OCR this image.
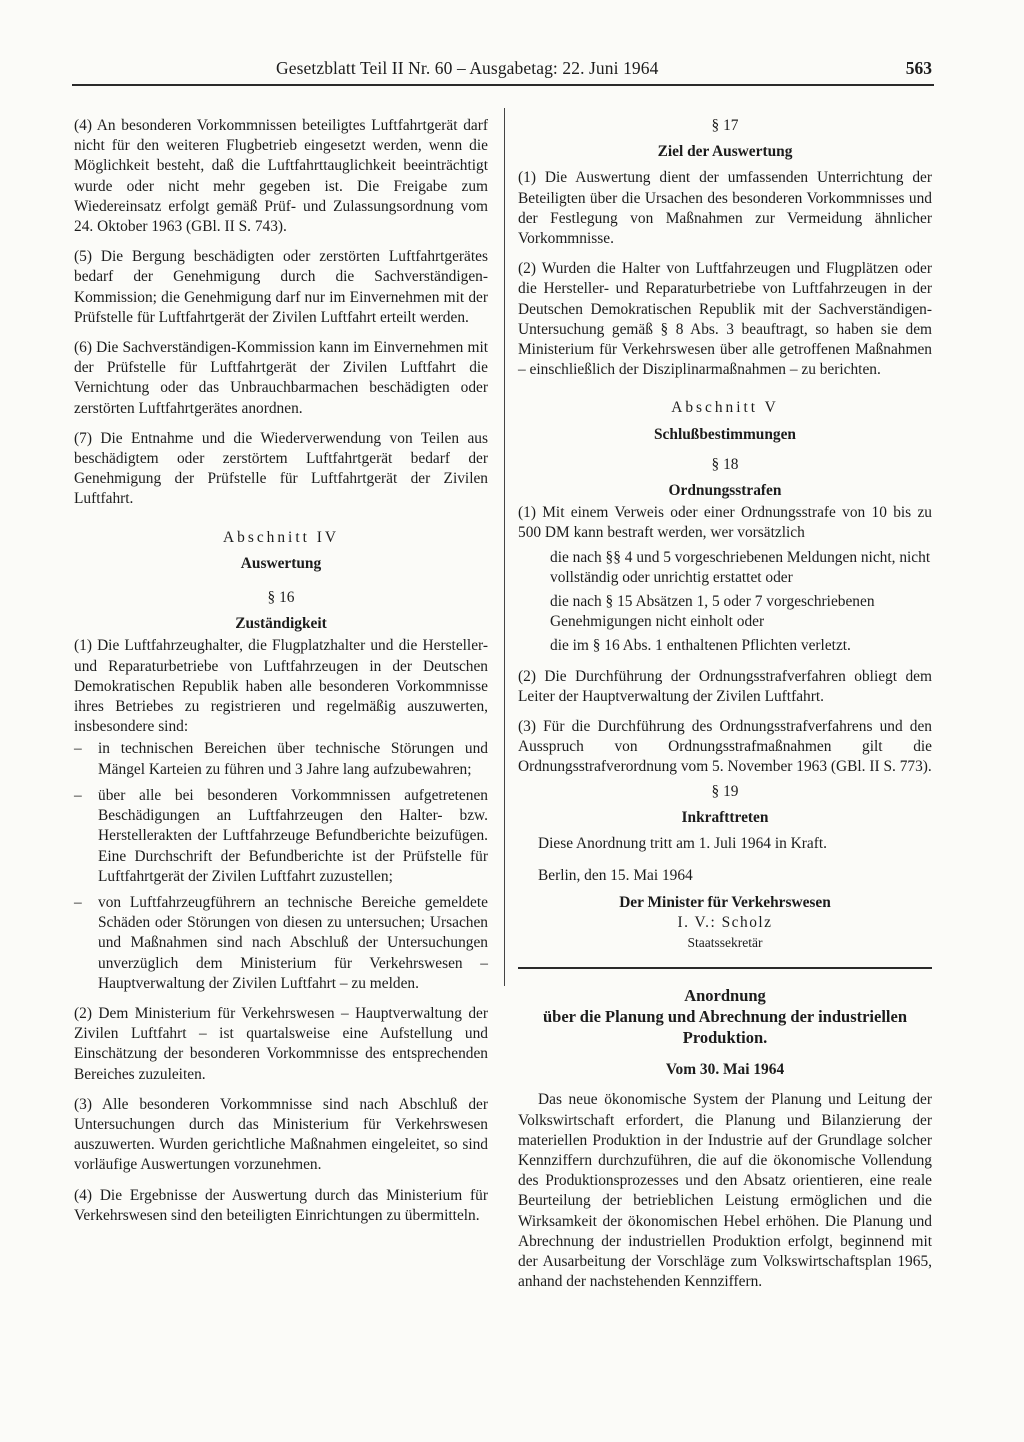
Gesetzblatt Teil II Nr. 60 – Ausgabetag: 22. Juni 1964	563

(4) An besonderen Vorkommnissen beteiligtes Luftfahrtgerät darf nicht für den weiteren Flugbetrieb eingesetzt werden, wenn die Möglichkeit besteht, daß die Luftfahrttauglichkeit beeinträchtigt wurde oder nicht mehr gegeben ist. Die Freigabe zum Wiedereinsatz erfolgt gemäß Prüf- und Zulassungsordnung vom 24. Oktober 1963 (GBl. II S. 743).

(5) Die Bergung beschädigten oder zerstörten Luftfahrtgerätes bedarf der Genehmigung durch die Sachverständigen-Kommission; die Genehmigung darf nur im Einvernehmen mit der Prüfstelle für Luftfahrtgerät der Zivilen Luftfahrt erteilt werden.

(6) Die Sachverständigen-Kommission kann im Einvernehmen mit der Prüfstelle für Luftfahrtgerät der Zivilen Luftfahrt die Vernichtung oder das Unbrauchbarmachen beschädigten oder zerstörten Luftfahrtgerätes anordnen.

(7) Die Entnahme und die Wiederverwendung von Teilen aus beschädigtem oder zerstörtem Luftfahrtgerät bedarf der Genehmigung der Prüfstelle für Luftfahrtgerät der Zivilen Luftfahrt.

Abschnitt IV
Auswertung
§ 16
Zuständigkeit

(1) Die Luftfahrzeughalter, die Flugplatzhalter und die Hersteller- und Reparaturbetriebe von Luftfahrzeugen in der Deutschen Demokratischen Republik haben alle besonderen Vorkommnisse ihres Betriebes zu registrieren und regelmäßig auszuwerten, insbesondere sind:

–	in technischen Bereichen über technische Störungen und Mängel Karteien zu führen und 3 Jahre lang aufzubewahren;
–	über alle bei besonderen Vorkommnissen aufgetretenen Beschädigungen an Luftfahrzeugen den Halter- bzw. Herstellerakten der Luftfahrzeuge Befundberichte beizufügen. Eine Durchschrift der Befundberichte ist der Prüfstelle für Luftfahrtgerät der Zivilen Luftfahrt zuzustellen;
–	von Luftfahrzeugführern an technische Bereiche gemeldete Schäden oder Störungen von diesen zu untersuchen; Ursachen und Maßnahmen sind nach Abschluß der Untersuchungen unverzüglich dem Ministerium für Verkehrswesen – Hauptverwaltung der Zivilen Luftfahrt – zu melden.

(2) Dem Ministerium für Verkehrswesen – Hauptverwaltung der Zivilen Luftfahrt – ist quartalsweise eine Aufstellung und Einschätzung der besonderen Vorkommnisse des entsprechenden Bereiches zuzuleiten.

(3) Alle besonderen Vorkommnisse sind nach Abschluß der Untersuchungen durch das Ministerium für Verkehrswesen auszuwerten. Wurden gerichtliche Maßnahmen eingeleitet, so sind vorläufige Auswertungen vorzunehmen.

(4) Die Ergebnisse der Auswertung durch das Ministerium für Verkehrswesen sind den beteiligten Einrichtungen zu übermitteln.

§ 17
Ziel der Auswertung

(1) Die Auswertung dient der umfassenden Unterrichtung der Beteiligten über die Ursachen des besonderen Vorkommnisses und der Festlegung von Maßnahmen zur Vermeidung ähnlicher Vorkommnisse.

(2) Wurden die Halter von Luftfahrzeugen und Flugplätzen oder die Hersteller- und Reparaturbetriebe von Luftfahrzeugen in der Deutschen Demokratischen Republik mit der Sachverständigen-Untersuchung gemäß § 8 Abs. 3 beauftragt, so haben sie dem Ministerium für Verkehrswesen über alle getroffenen Maßnahmen – einschließlich der Disziplinarmaßnahmen – zu berichten.

Abschnitt V
Schlußbestimmungen
§ 18
Ordnungsstrafen

(1) Mit einem Verweis oder einer Ordnungsstrafe von 10 bis zu 500 DM kann bestraft werden, wer vorsätzlich

die nach §§ 4 und 5 vorgeschriebenen Meldungen nicht, nicht vollständig oder unrichtig erstattet oder
die nach § 15 Absätzen 1, 5 oder 7 vorgeschriebenen Genehmigungen nicht einholt oder
die im § 16 Abs. 1 enthaltenen Pflichten verletzt.

(2) Die Durchführung der Ordnungsstrafverfahren obliegt dem Leiter der Hauptverwaltung der Zivilen Luftfahrt.

(3) Für die Durchführung des Ordnungsstrafverfahrens und den Ausspruch von Ordnungsstrafmaßnahmen gilt die Ordnungsstrafverordnung vom 5. November 1963 (GBl. II S. 773).

§ 19
Inkrafttreten

Diese Anordnung tritt am 1. Juli 1964 in Kraft.

Berlin, den 15. Mai 1964

Der Minister für Verkehrswesen
I. V.: Scholz
Staatssekretär
Anordnung
über die Planung und Abrechnung der industriellen Produktion.
Vom 30. Mai 1964

Das neue ökonomische System der Planung und Leitung der Volkswirtschaft erfordert, die Planung und Bilanzierung der materiellen Produktion in der Industrie auf der Grundlage solcher Kennziffern durchzuführen, die auf die ökonomische Vollendung des Produktionsprozesses und den Absatz orientieren, eine reale Beurteilung der betrieblichen Leistung ermöglichen und die Wirksamkeit der ökonomischen Hebel erhöhen. Die Planung und Abrechnung der industriellen Produktion erfolgt, beginnend mit der Ausarbeitung der Vorschläge zum Volkswirtschaftsplan 1965, anhand der nachstehenden Kennziffern.
